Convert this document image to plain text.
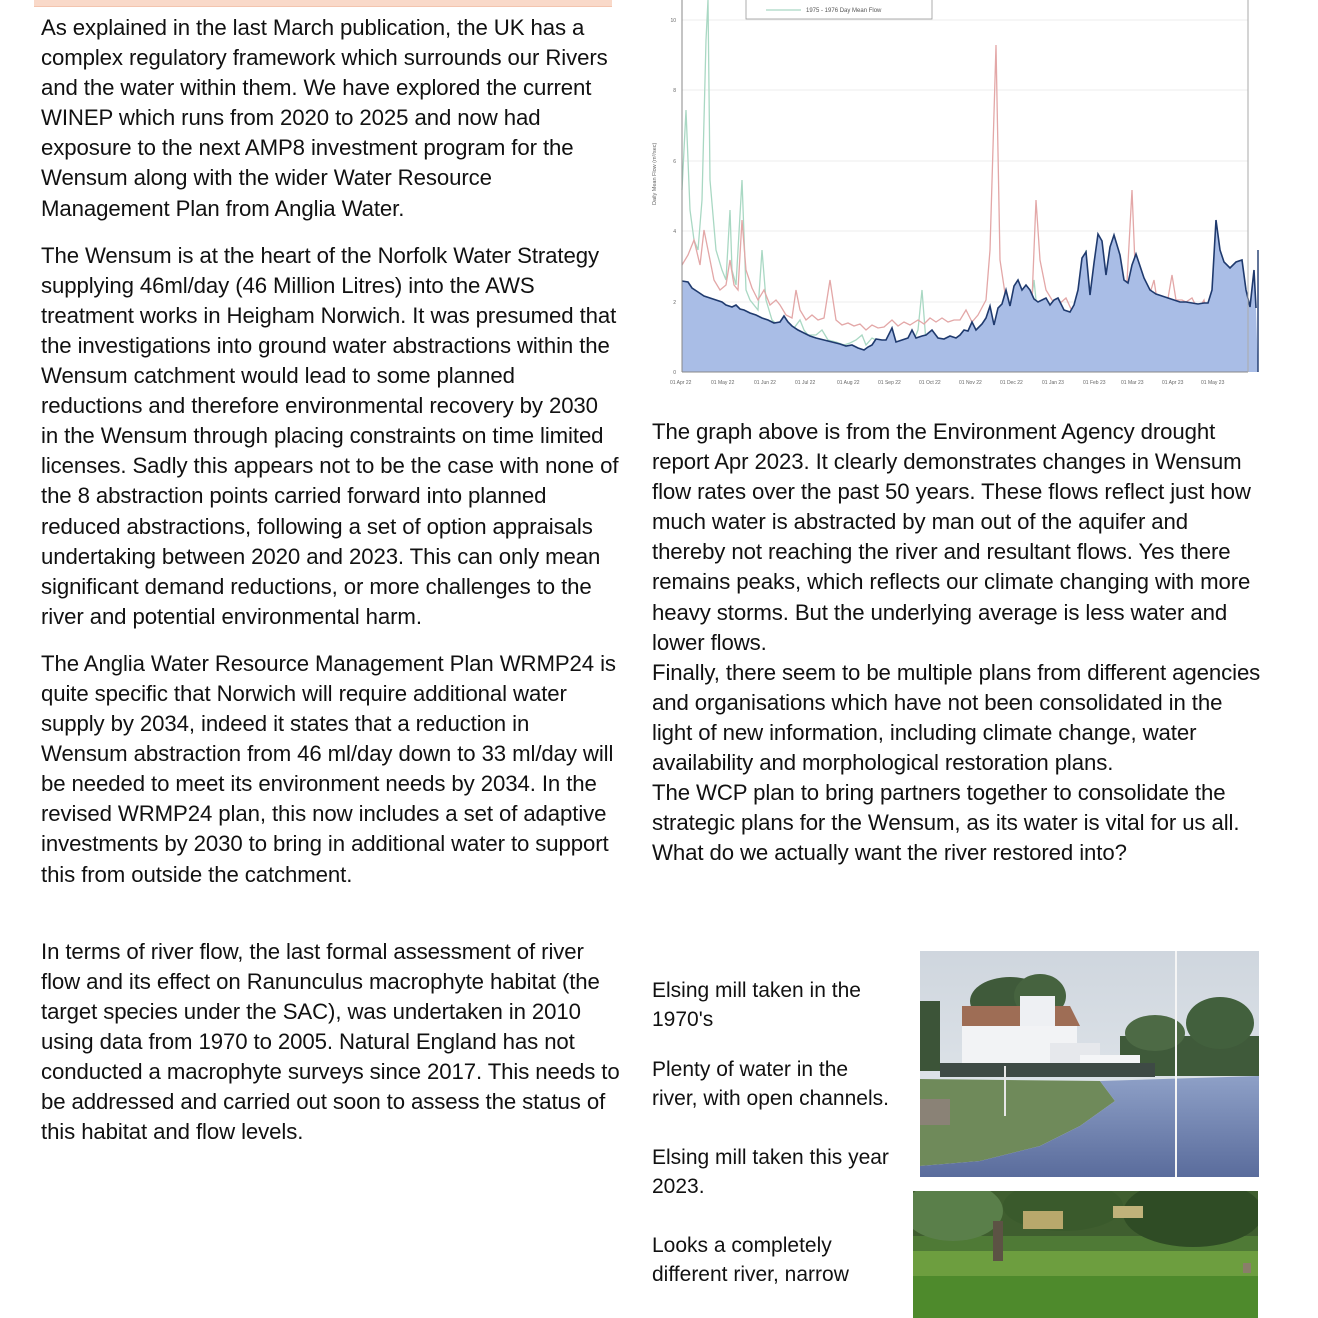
As explained in the last March publication, the UK has a complex regulatory framework which surrounds our Rivers and the water within them. We have explored the current WINEP which runs from 2020 to 2025 and now had exposure to the next AMP8 investment program for the Wensum along with the wider Water Resource Management Plan from Anglia Water.

The Wensum is at the heart of the Norfolk Water Strategy supplying 46ml/day (46 Million Litres) into the AWS treatment works in Heigham Norwich. It was presumed that the investigations into ground water abstractions within the Wensum catchment would lead to some planned reductions and therefore environmental recovery by 2030 in the Wensum through placing constraints on time limited licenses. Sadly this appears not to be the case with none of the 8 abstraction points carried forward into planned reduced abstractions, following a set of option appraisals undertaking between 2020 and 2023. This can only mean significant demand reductions, or more challenges to the river and potential environmental harm.

The Anglia Water Resource Management Plan WRMP24 is quite specific that Norwich will require additional water supply by 2034, indeed it states that a reduction in Wensum abstraction from 46 ml/day down to 33 ml/day will be needed to meet its environment needs by 2034. In the revised WRMP24 plan, this now includes a set of adaptive investments by 2030 to bring in additional water to support this from outside the catchment.

In terms of river flow, the last formal assessment of river flow and its effect on Ranunculus macrophyte habitat (the target species under the SAC), was undertaken in 2010 using data from 1970 to 2005. Natural England has not conducted a macrophyte surveys since 2017. This needs to be addressed and carried out soon to assess the status of this habitat and flow levels.

0
2
4
6
8
10
Daily Mean Flow (m³/sec)
01 Apr 22	01 May 22	01 Jun 22	01 Jul 22	01 Aug 22	01 Sep 22	01 Oct 22	01 Nov 22	01 Dec 22	01 Jan 23	01 Feb 23	01 Mar 23	01 Apr 23	01 May 23
1975 - 1976 Day Mean Flow

The graph above is from the Environment Agency drought report Apr 2023. It clearly demonstrates changes in Wensum flow rates over the past 50 years. These flows reflect just how much water is abstracted by man out of the aquifer and thereby not reaching the river and resultant flows. Yes there remains peaks, which reflects our climate changing with more heavy storms. But the underlying average is less water and lower flows.

Finally, there seem to be multiple plans from different agencies and organisations which have not been consolidated in the light of new information, including climate change, water availability and morphological restoration plans.

The WCP plan to bring partners together to consolidate the strategic plans for the Wensum, as its water is vital for us all. What do we actually want the river restored into?

Elsing mill taken in the 1970's

Plenty of water in the river, with open channels.

Elsing mill taken this year 2023.

Looks a completely different river, narrow
